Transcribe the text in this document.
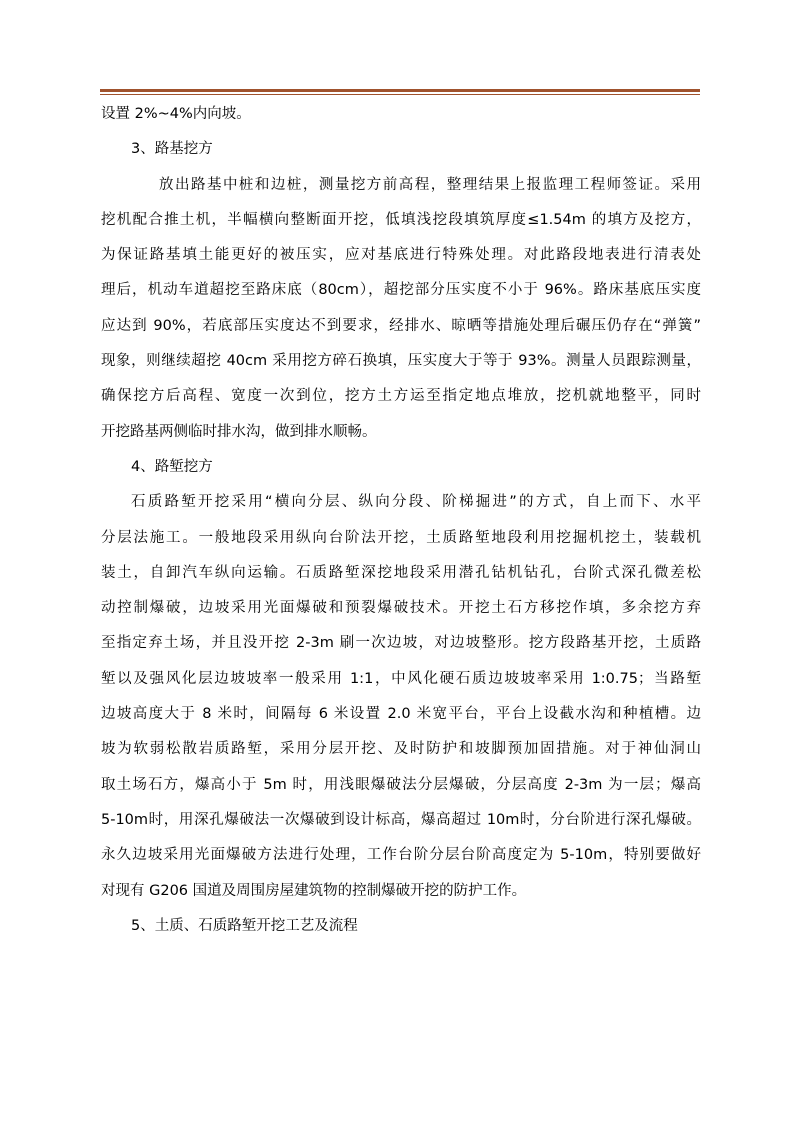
设置 2%~4%内向坡。
3、路基挖方
放出路基中桩和边桩，测量挖方前高程，整理结果上报监理工程师签证。采用
挖机配合推土机，半幅横向整断面开挖，低填浅挖段填筑厚度≤1.54m 的填方及挖方，
为保证路基填土能更好的被压实，应对基底进行特殊处理。对此路段地表进行清表处
理后，机动车道超挖至路床底（80cm），超挖部分压实度不小于 96%。路床基底压实度
应达到 90%，若底部压实度达不到要求，经排水、晾晒等措施处理后碾压仍存在“弹簧”
现象，则继续超挖 40cm 采用挖方碎石换填，压实度大于等于 93%。测量人员跟踪测量，
确保挖方后高程、宽度一次到位，挖方土方运至指定地点堆放，挖机就地整平，同时
开挖路基两侧临时排水沟，做到排水顺畅。
4、路堑挖方
石质路堑开挖采用“横向分层、纵向分段、阶梯掘进”的方式，自上而下、水平
分层法施工。一般地段采用纵向台阶法开挖，土质路堑地段利用挖掘机挖土，装载机
装土，自卸汽车纵向运输。石质路堑深挖地段采用潜孔钻机钻孔，台阶式深孔微差松
动控制爆破，边坡采用光面爆破和预裂爆破技术。开挖土石方移挖作填，多余挖方弃
至指定弃土场，并且没开挖 2-3m 刷一次边坡，对边坡整形。挖方段路基开挖，土质路
堑以及强风化层边坡坡率一般采用 1:1，中风化硬石质边坡坡率采用 1:0.75；当路堑
边坡高度大于 8 米时，间隔每 6 米设置 2.0 米宽平台，平台上设截水沟和种植槽。边
坡为软弱松散岩质路堑，采用分层开挖、及时防护和坡脚预加固措施。对于神仙洞山
取土场石方，爆高小于 5m 时，用浅眼爆破法分层爆破，分层高度 2-3m 为一层；爆高
5-10m时，用深孔爆破法一次爆破到设计标高，爆高超过 10m时，分台阶进行深孔爆破。
永久边坡采用光面爆破方法进行处理，工作台阶分层台阶高度定为 5-10m，特别要做好
对现有 G206 国道及周围房屋建筑物的控制爆破开挖的防护工作。
5、土质、石质路堑开挖工艺及流程
